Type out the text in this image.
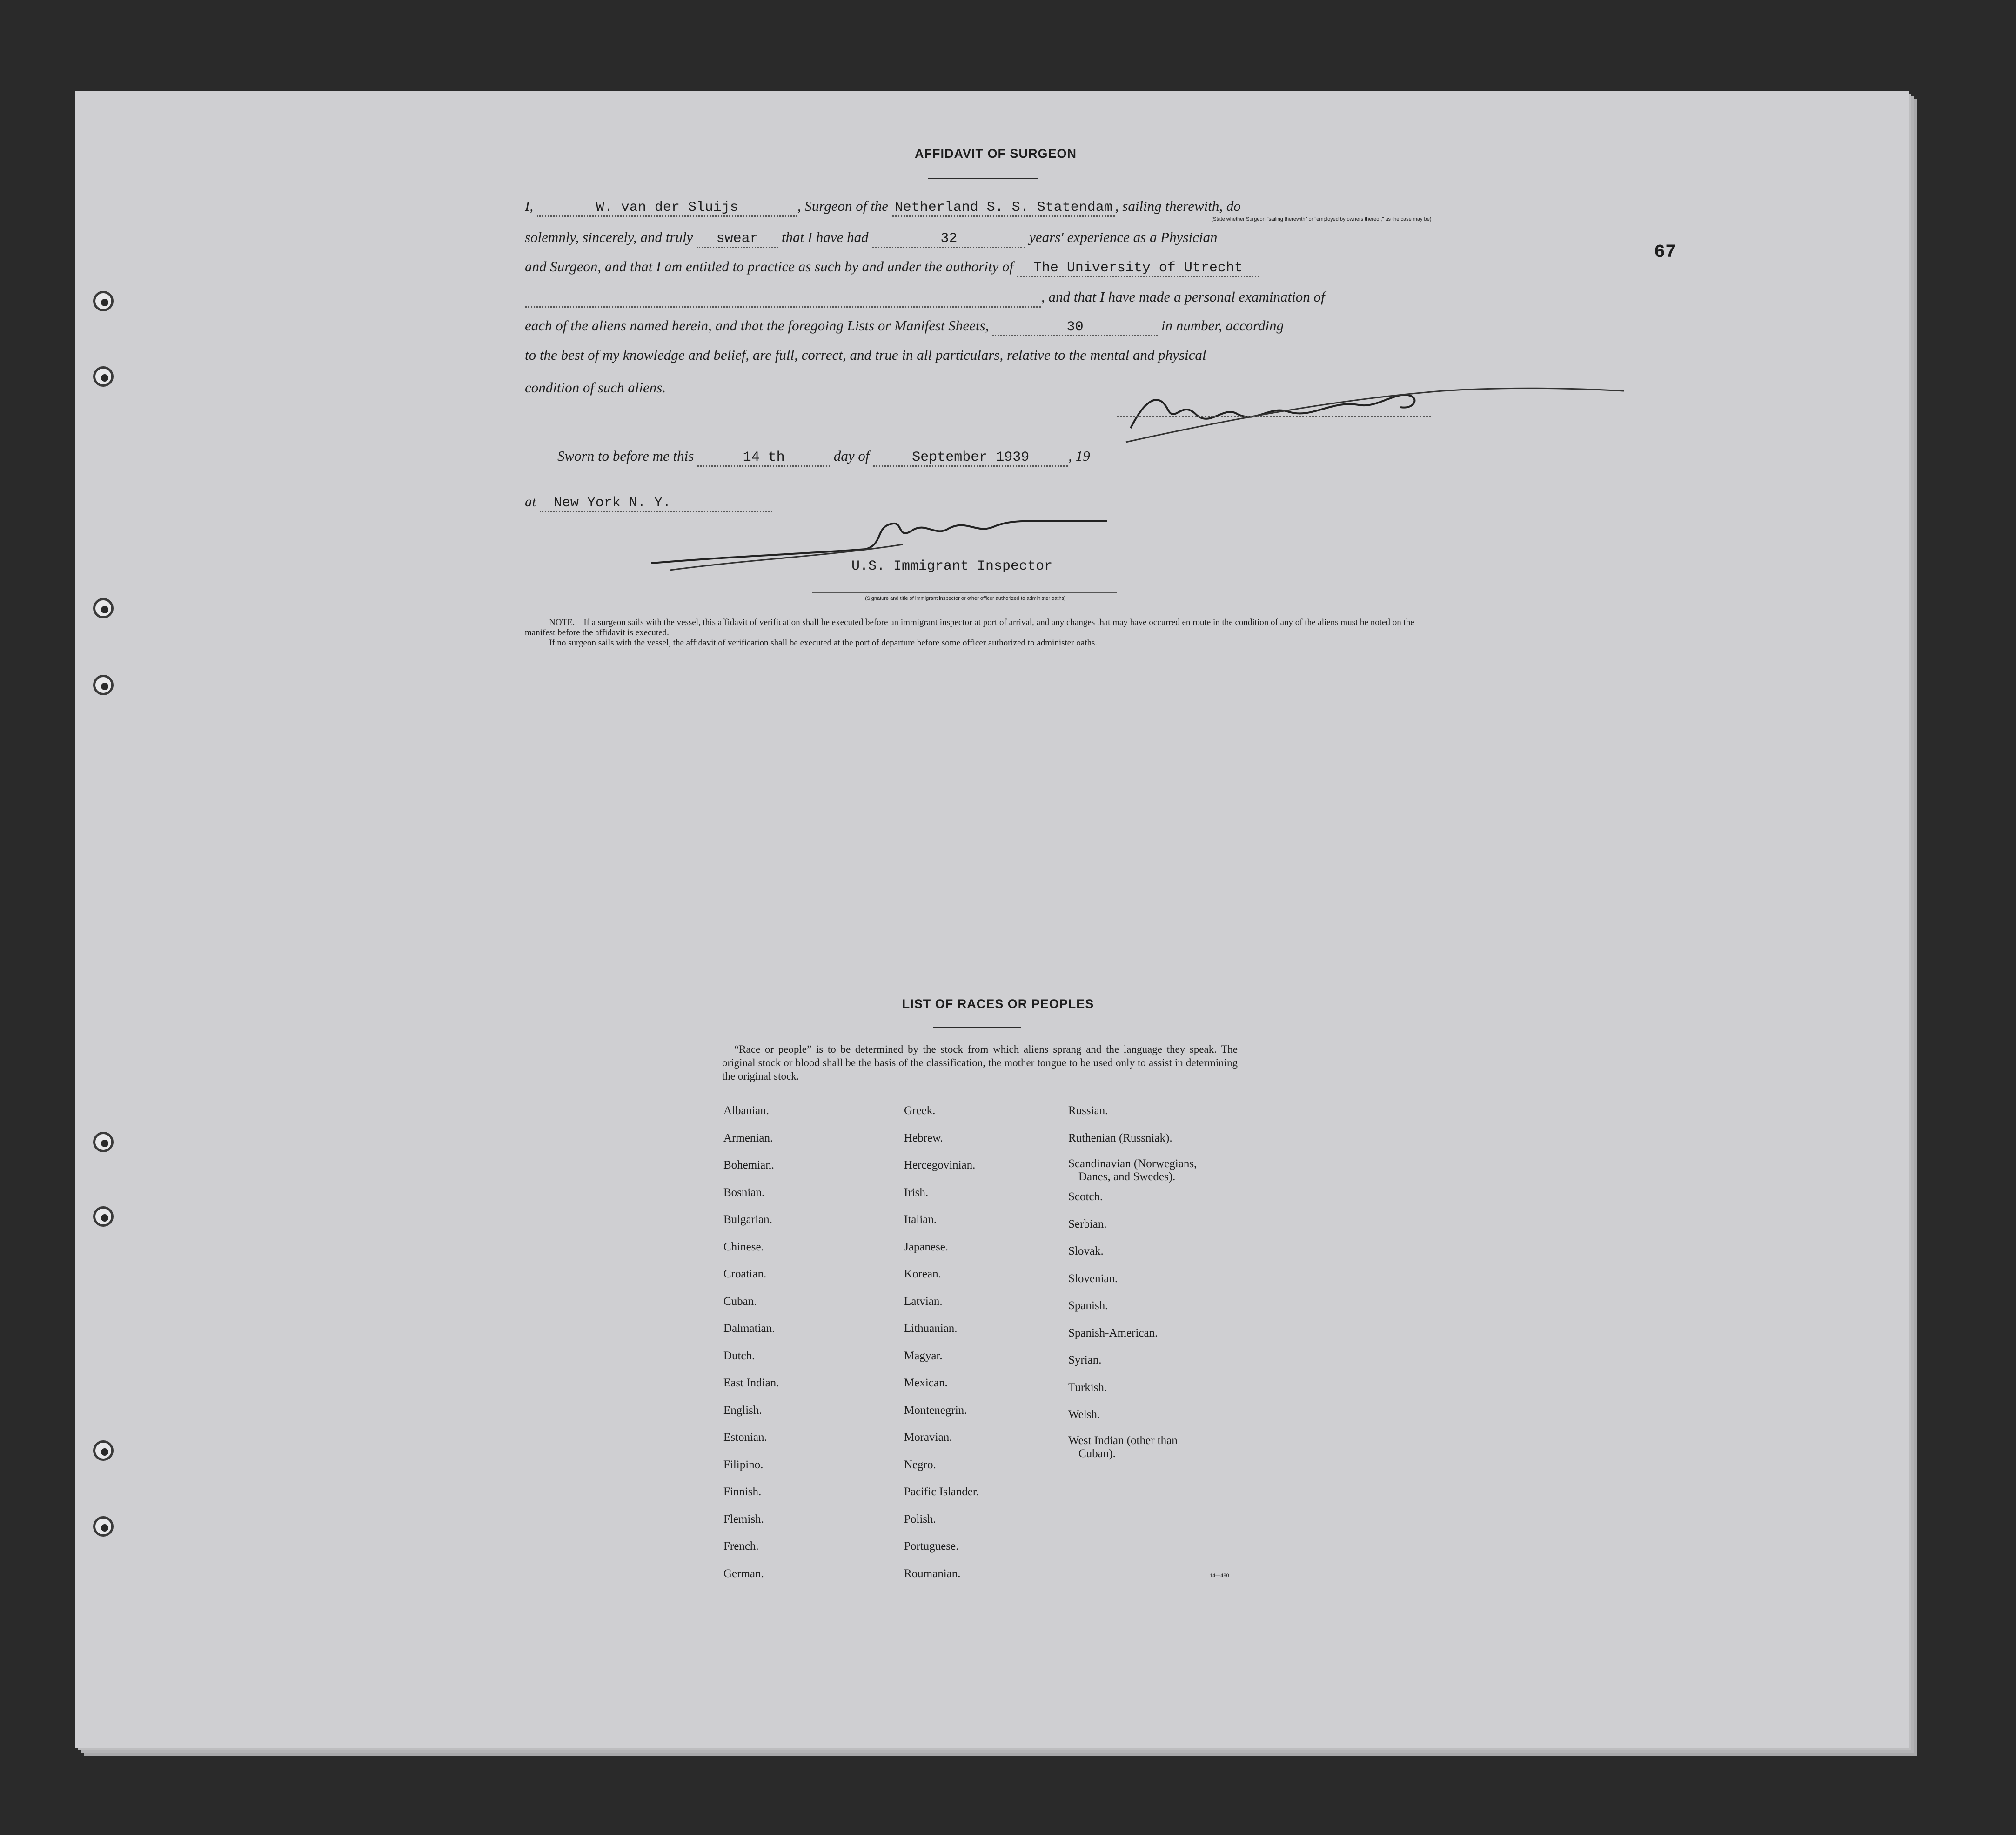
67
AFFIDAVIT OF SURGEON
I,	W. van der Sluijs	, Surgeon of the Netherland S. S. Statendam , sailing therewith, do
(State whether Surgeon "sailing therewith" or "employed by owners thereof," as the case may be)
solemnly, sincerely, and truly swear that I have had	32	years' experience as a Physician
and Surgeon, and that I am entitled to practice as such by and under the authority of The University of Utrecht
, and that I have made a personal examination of
each of the aliens named herein, and that the foregoing Lists or Manifest Sheets,	30	in number, according
to the best of my knowledge and belief, are full, correct, and true in all particulars, relative to the mental and physical
condition of such aliens.
Sworn to before me this	14 th	day of	September 1939	, 19
at New York N. Y.
U.S. Immigrant Inspector
(Signature and title of immigrant inspector or other officer authorized to administer oaths)
NOTE.—If a surgeon sails with the vessel, this affidavit of verification shall be executed before an immigrant inspector at port of arrival, and any changes that may have occurred en route in the condition of any of the aliens must be noted on the manifest before the affidavit is executed.
If no surgeon sails with the vessel, the affidavit of verification shall be executed at the port of departure before some officer authorized to administer oaths.
LIST OF RACES OR PEOPLES
“Race or people” is to be determined by the stock from which aliens sprang and the language they speak. The original stock or blood shall be the basis of the classification, the mother tongue to be used only to assist in determining the original stock.
Albanian.
Armenian.
Bohemian.
Bosnian.
Bulgarian.
Chinese.
Croatian.
Cuban.
Dalmatian.
Dutch.
East Indian.
English.
Estonian.
Filipino.
Finnish.
Flemish.
French.
German.
Greek.
Hebrew.
Hercegovinian.
Irish.
Italian.
Japanese.
Korean.
Latvian.
Lithuanian.
Magyar.
Mexican.
Montenegrin.
Moravian.
Negro.
Pacific Islander.
Polish.
Portuguese.
Roumanian.
Russian.
Ruthenian (Russniak).
Scandinavian (Norwegians,
Danes, and Swedes).
Scotch.
Serbian.
Slovak.
Slovenian.
Spanish.
Spanish-American.
Syrian.
Turkish.
Welsh.
West Indian (other than
Cuban).
14—480
